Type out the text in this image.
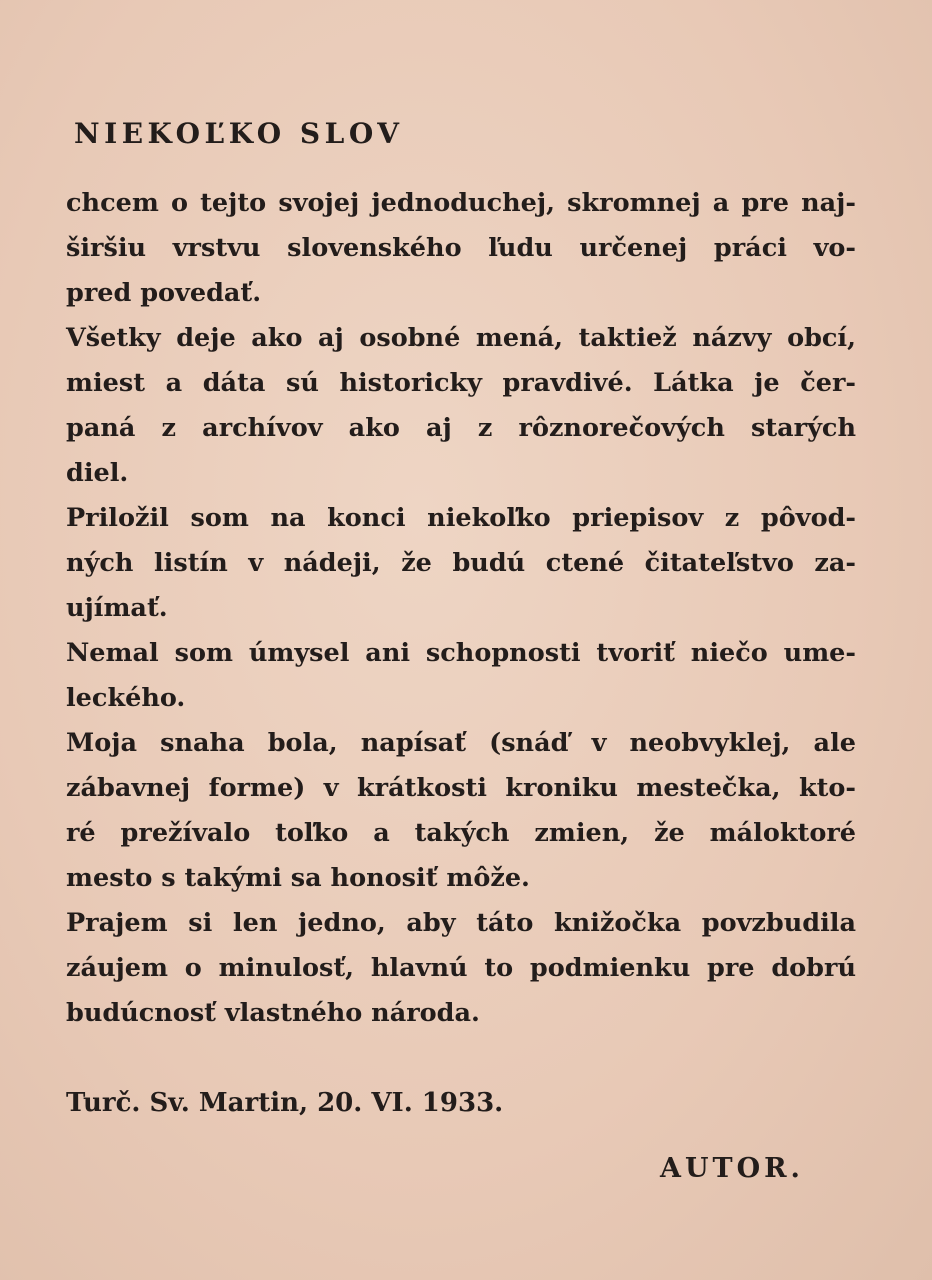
NIEKOĽKO SLOV
chcem o tejto svojej jednoduchej, skromnej a pre naj-
širšiu vrstvu slovenského ľudu určenej práci vo-
pred povedať.
Všetky deje ako aj osobné mená, taktiež názvy obcí,
miest a dáta sú historicky pravdivé. Látka je čer-
paná z archívov ako aj z rôznorečových starých
diel.
Priložil som na konci niekoľko priepisov z pôvod-
ných listín v nádeji, že budú ctené čitateľstvo za-
ujímať.
Nemal som úmysel ani schopnosti tvoriť niečo ume-
leckého.
Moja snaha bola, napísať (snáď v neobvyklej, ale
zábavnej forme) v krátkosti kroniku mestečka, kto-
ré prežívalo toľko a takých zmien, že máloktoré
mesto s takými sa honosiť môže.
Prajem si len jedno, aby táto knižočka povzbudila
záujem o minulosť, hlavnú to podmienku pre dobrú
budúcnosť vlastného národa.
Turč. Sv. Martin, 20. VI. 1933.
AUTOR.
